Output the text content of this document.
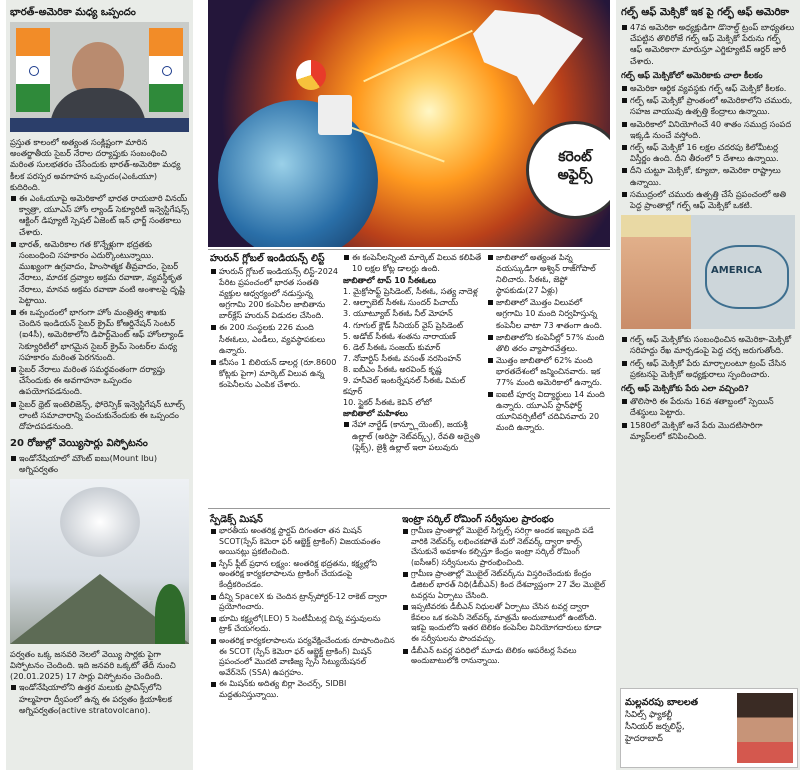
భారత్-అమెరికా మధ్య ఒప్పందం
ప్రస్తుత కాలంలో అత్యంత సంక్లిష్టంగా మారిన అంతర్జాతీయ సైబర్ నేరాల దర్యాప్తుకు సంబంధించి మరింత సులభతరం చేసేందుకు భారత్-అమెరికా మధ్య కీలక పరస్పర అవగాహన ఒప్పందం(ఎంఓయూ) కుదిరింది.
ఈ ఎంఓయూపై అమెరికాలో భారత రాయబారి వినయ్ క్వాత్రా, యూఎస్ హోం ల్యాండ్ సెక్యూరిటీ ఇన్వెస్టిగేషన్స్ ఆక్టింగ్ డిప్యూటీ స్పెషల్ ఏజెంట్ ఇన్ ఛార్జ్ సంతకాలు చేశారు.
భారత్, అమెరికాల గత కొన్నేళ్లుగా భద్రతకు సంబంధించి సహకారం ఎదుర్కొంటున్నాయి. ముఖ్యంగా ఉగ్రవాదం, హింసాత్మక తీవ్రవాదం, సైబర్ నేరాలు, మాదక ద్రవ్యాల అక్రమ రవాణా, వ్యవస్థీకృత నేరాలు, మానవ అక్రమ రవాణా వంటి అంశాలపై దృష్టి పెట్టాయి.
ఈ ఒప్పందంలో భాగంగా హోం మంత్రిత్వ శాఖకు చెందిన ఇండియన్ సైబర్ క్రైమ్ కోఆర్డినేషన్ సెంటర్ (ఐ4సీ), అమెరికాలోని డిపార్ట్‌మెంట్ ఆఫ్ హోంల్యాండ్ సెక్యూరిటీలో భాగమైన సైబర్ క్రైమ్ సెంటర్‌ల మధ్య సహకారం మరింత పెరగనుంది.
సైబర్ నేరాలు మరింత సమర్థవంతంగా దర్యాప్తు చేసేందుకు ఈ అవగాహనా ఒప్పందం ఉపయోగపడనుంది.
సైబర్ థ్రెట్ ఇంటెలిజెన్స్, ఫోరెన్సిక్ ఇన్వెస్టిగేషన్ టూల్స్ లాంటి సమాచారాన్ని పంచుకునేందుకు ఈ ఒప్పందం దోహదపడనుంది.
20 రోజుల్లో వెయ్యిసార్లు విస్ఫోటనం
ఇండోనేషియాలో మౌంట్ ఐబు(Mount Ibu) అగ్నిపర్వతం
పర్వతం ఒక్క జనవరి నెలలో వెయ్యి సార్లకు పైగా విస్ఫోటనం చెందింది. ఇది జనవరి ఒక్కటో తేదీ నుంచి (20.01.2025) 17 సార్లు విస్ఫోటనం చెందింది.
ఇండోనేషియాలోని ఉత్తర మలుకు ప్రావిన్స్‌లోని హల్మహెరా ద్వీపంలో ఉన్న ఈ పర్వతం క్రియాశీలక అగ్నిపర్వతం(active stratovolcano).
కరెంట్
అఫైర్స్
హురున్ గ్లోబల్ ఇండియన్స్ లిస్ట్
హురున్ గ్లోబల్ ఇండియన్స్ లిస్ట్-2024 పేరిట ప్రపంచంలో భారత సంతతి వ్యక్తుల ఆధ్వర్యంలో నడుస్తున్న అగ్రగామి 200 కంపెనీల జాబితాను బార్‌క్లేస్ హురున్ విడుదల చేసింది.
ఈ 200 సంస్థలకు 226 మంది సీఈఓలు, ఎండీలు, వ్యవస్థాపకులు ఉన్నారు.
కనీసం 1 బిలియన్ డాలర్ల (రూ.8600 కోట్లకు పైగా) మార్కెట్ విలువ ఉన్న కంపెనీలను ఎంపిక చేశారు.
ఈ కంపెనీలన్నింటి మార్కెట్ విలువ కలిపితే 10 లక్షల కోట్ల డాలర్లు ఉంది.
జాబితాలో టాప్ 10 సీఈఓలు
1. మైక్రోసాఫ్ట్ ప్రెసిడెంట్, సీఈఓ, సత్య నాదెళ్ల
2. ఆల్ఫాబెట్ సీఈఓ సుందర్ పిచాయ్
3. యూట్యూబ్ సీఈఓ నీల్ మోహన్
4. గూగుల్ క్లౌడ్ సీనియర్ వైస్ ప్రెసిడెంట్
5. అడోబ్ సీఈఓ శంతను నారాయణ్
6. డెల్ సీఈఓ సంజయ్ కుమార్
7. నోవార్టిస్ సీఈఓ వసంత్ నరసింహన్
8. ఐబీఎం సీఈఓ అరవింద్ కృష్ణ
9. హనీవెల్ ఇంటర్నేషనల్ సీఈఓ విమల్ కపూర్
10. స్టైకర్ సీఈఓ కెవిన్ లోబో
జాబితాలో మహిళలు
నేహా నార్ఖేడ్ (కాన్ఫ్లూయెంట్), జయశ్రీ ఉల్లాల్ (అరిస్టా నెట్‌వర్క్స్), రేవతి అద్వైతి (ఫ్లెక్స్), జైశ్రీ ఉల్లాల్ ఇలా పలువురు
జాబితాలో అత్యంత పిన్న వయస్కుడిగా అశ్విన్ రాజ్‌గోపాల్ నిలిచారు. సీఈఓ, జెప్టో స్థాపకుడు(27 ఏళ్లు)
జాబితాలో మొత్తం విలువలో అగ్రగామి 10 మంది నిర్వహిస్తున్న కంపెనీల వాటా 73 శాతంగా ఉంది.
జాబితాలోని కంపెనీల్లో 57% మంది తొలి తరం వ్యాపారవేత్తలు.
మొత్తం జాబితాలో 62% మంది భారతదేశంలో జన్మించినవారు. ఇక 77% మంది అమెరికాలో ఉన్నారు.
ఐఐటీ పూర్వ విద్యార్థులు 14 మంది ఉన్నారు. యూఎస్ స్టాన్‌ఫోర్డ్ యూనివర్సిటీలో చదివినవారు 20 మంది ఉన్నారు.
స్పేడెక్స్ మిషన్
భారతీయ అంతరిక్ష స్టార్టప్ దిగంతరా తన మిషన్ SCOT(స్పేస్ కెమెరా ఫర్ ఆబ్జెక్ట్ ట్రాకింగ్) విజయవంతం అయినట్లు ప్రకటించింది.
స్పేస్ ఫ్లీట్ ప్రధాన లక్ష్యం: అంతరిక్ష భద్రతను, కక్ష్యల్లోని అంతరిక్ష కార్యకలాపాలను ట్రాకింగ్ చేయడంపై కేంద్రీకరించడం.
దీన్ని SpaceX కు చెందిన ట్రాన్స్‌పోర్టర్-12 రాకెట్ ద్వారా ప్రయోగించారు.
భూమి కక్ష్యలో(LEO) 5 సెంటీమీటర్ల చిన్న వస్తువులను ట్రాక్ చేయగలదు.
అంతరిక్ష కార్యకలాపాలను పర్యవేక్షించేందుకు రూపొందించిన ఈ SCOT (స్పేస్ కెమెరా ఫర్ ఆబ్జెక్ట్ ట్రాకింగ్) మిషన్ ప్రపంచంలో మొదటి వాణిజ్య స్పేస్ సిట్యుయేషనల్ అవేర్‌నెస్ (SSA) ఉపగ్రహం.
ఈ మిషన్‌కు అదిత్య బిర్లా వెంచర్స్, SIDBI మద్దతునిస్తున్నాయి.
ఇంట్రా సర్కిల్ రోమింగ్ సర్వీసుల ప్రారంభం
గ్రామీణ ప్రాంతాల్లో మొబైల్ సిగ్నల్స్ సరిగ్గా అందక ఇబ్బంది పడే వారికి నెట్‌వర్క్ లభించకపోతే మరో నెట్‌వర్క్ ద్వారా కాల్స్ చేసుకునే అవకాశం కల్పిస్తూ కేంద్రం ఇంట్రా సర్కిల్ రోమింగ్ (ఐసీఆర్) సర్వీసులను ప్రారంభించింది.
గ్రామీణ ప్రాంతాల్లో మొబైల్ నెట్‌వర్క్‌ను విస్తరించేందుకు కేంద్రం డిజిటల్ భారత్ నిధి(డీబీఎన్) కింద దేశవ్యాప్తంగా 27 వేల మొబైల్ టవర్లను ఏర్పాటు చేసింది.
ఇప్పటివరకు డీబీఎన్ నిధులతో ఏర్పాటు చేసిన టవర్ల ద్వారా కేవలం ఒక కంపెనీ నెట్‌వర్క్ మాత్రమే అందుబాటులో ఉంటోంది. ఇకపై ఇందులోని ఇతర టెలికం కంపెనీల వినియోగదారులు కూడా ఈ సర్వీసులను పొందవచ్చు.
డీబీఎన్ టవర్ల పరిధిలో మూడు టెలికం ఆపరేటర్ల సేవలు అందుబాటులోకి రానున్నాయి.
గల్ఫ్ ఆఫ్ మెక్సికో ఇక పై గల్ఫ్ ఆఫ్ అమెరికా
47వ అమెరికా అధ్యక్షుడిగా డొనాల్డ్ ట్రంప్ బాధ్యతలు చేపట్టిన తొలిరోజే గల్ఫ్ ఆఫ్ మెక్సికో పేరును గల్ఫ్ ఆఫ్ అమెరికాగా మారుస్తూ ఎగ్జిక్యూటివ్ ఆర్డర్ జారీ చేశారు.
గల్ఫ్ ఆఫ్ మెక్సికోలో అమెరికాకు చాలా కీలకం
అమెరికా ఆర్థిక వ్యవస్థకు గల్ఫ్ ఆఫ్ మెక్సికో కీలకం.
గల్ఫ్ ఆఫ్ మెక్సికో ప్రాంతంలో అమెరికాలోని చమురు, సహజ వాయువు ఉత్పత్తి కేంద్రాలు ఉన్నాయి.
అమెరికాలో వినియోగించే 40 శాతం సముద్ర సంపద ఇక్కడి నుంచే వస్తోంది.
గల్ఫ్ ఆఫ్ మెక్సికో 16 లక్షల చదరపు కిలోమీటర్ల విస్తీర్ణం ఉంది. దీని తీరంలో 5 దేశాలు ఉన్నాయి.
దీని చుట్టూ మెక్సికో, క్యూబా, అమెరికా రాష్ట్రాలు ఉన్నాయి.
సముద్రంలో చమురు ఉత్పత్తి చేసే ప్రపంచంలో అతి పెద్ద ప్రాంతాల్లో గల్ఫ్ ఆఫ్ మెక్సికో ఒకటి.
AMERICA
గల్ఫ్ ఆఫ్ మెక్సికోకు సంబంధించిన అమెరికా-మెక్సికో సరిహద్దు రేఖ మార్చడంపై పెద్ద చర్చ జరుగుతోంది.
గల్ఫ్ ఆఫ్ మెక్సికో పేరు మార్చాలంటూ ట్రంప్ చేసిన ప్రకటనపై మెక్సికో అధ్యక్షురాలు స్పందించారు.
గల్ఫ్ ఆఫ్ మెక్సికోకు పేరు ఎలా వచ్చింది?
తొలిసారి ఈ పేరును 16వ శతాబ్దంలో స్పెయిన్ దేశస్థులు పెట్టారు.
1580లో మెక్సికో అనే పేరు మొదటిసారిగా మ్యాప్‌లలో కనిపించింది.
మల్లవరపు బాలలత
సివిల్స్ ఫ్యాకల్టీ
సీనియర్ జర్నలిస్ట్,
హైదరాబాద్
